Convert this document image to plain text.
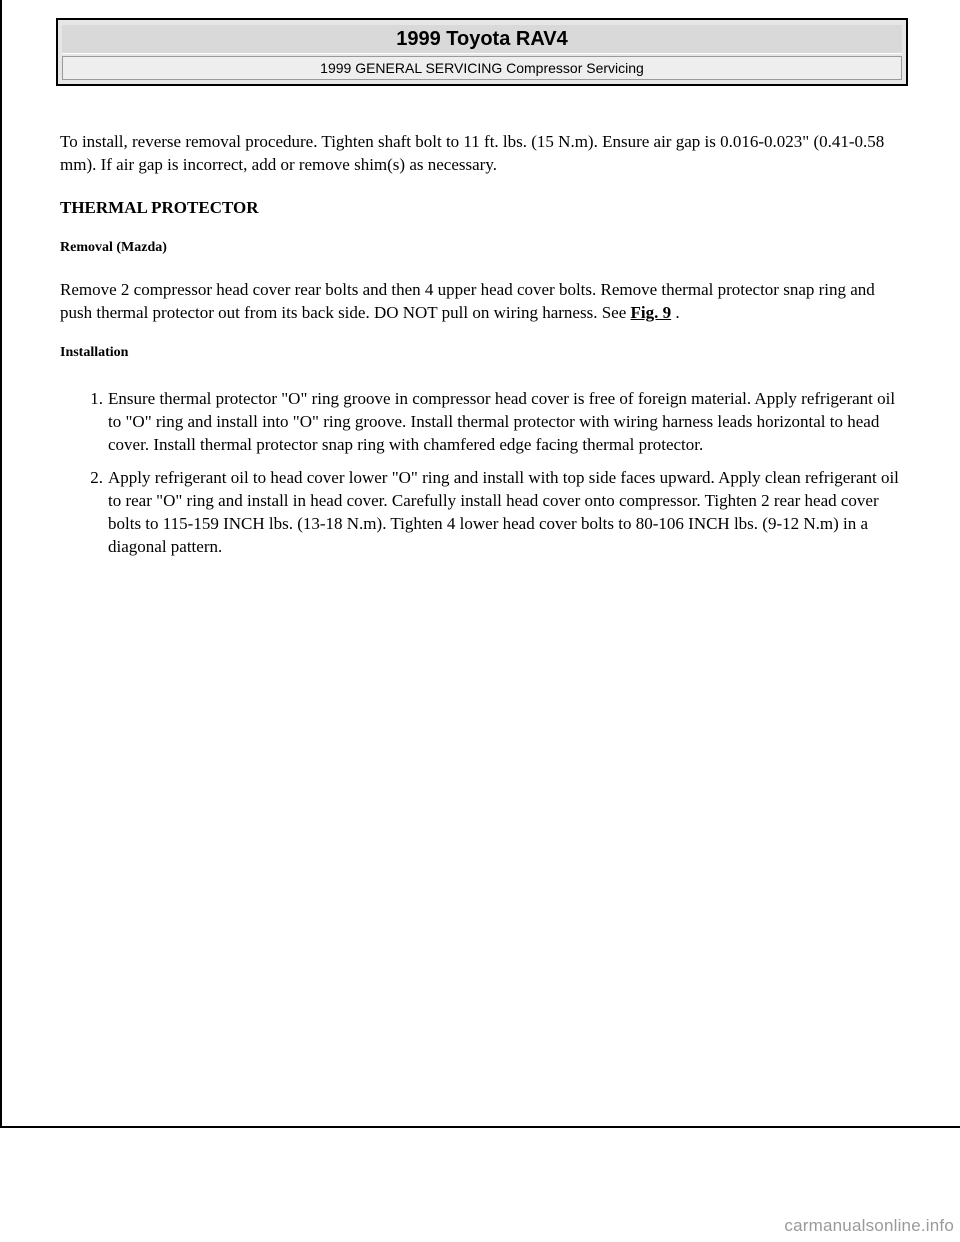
1999 Toyota RAV4
1999 GENERAL SERVICING Compressor Servicing

To install, reverse removal procedure. Tighten shaft bolt to 11 ft. lbs. (15 N.m). Ensure air gap is 0.016-0.023" (0.41-0.58 mm). If air gap is incorrect, add or remove shim(s) as necessary.

THERMAL PROTECTOR

Removal (Mazda)

Remove 2 compressor head cover rear bolts and then 4 upper head cover bolts. Remove thermal protector snap ring and push thermal protector out from its back side. DO NOT pull on wiring harness. See Fig. 9 .

Installation

1. Ensure thermal protector "O" ring groove in compressor head cover is free of foreign material. Apply refrigerant oil to "O" ring and install into "O" ring groove. Install thermal protector with wiring harness leads horizontal to head cover. Install thermal protector snap ring with chamfered edge facing thermal protector.
2. Apply refrigerant oil to head cover lower "O" ring and install with top side faces upward. Apply clean refrigerant oil to rear "O" ring and install in head cover. Carefully install head cover onto compressor. Tighten 2 rear head cover bolts to 115-159 INCH lbs. (13-18 N.m). Tighten 4 lower head cover bolts to 80-106 INCH lbs. (9-12 N.m) in a diagonal pattern.
carmanualsonline.info
